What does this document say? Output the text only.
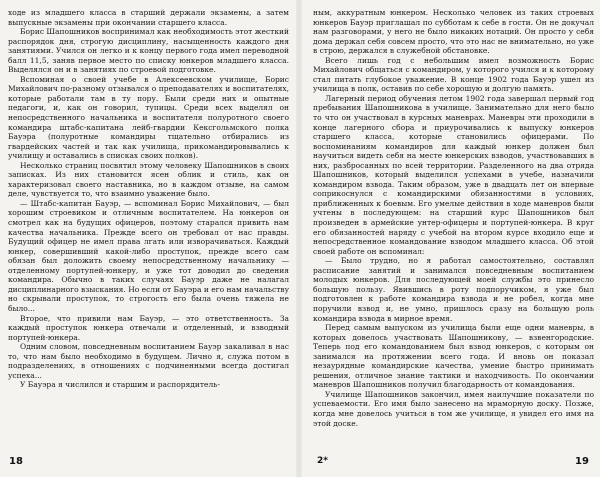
ходе из младшего класса в старший держали экзамены, а затем выпускные экзамены при окончании старшего класса.

Борис Шапошников воспринимал как необходимость этот жесткий распорядок дня, строгую дисциплину, насыщенность каждого дня занятиями. Учился он легко и к концу первого года имел переводной балл 11,5, заняв первое место по списку юнкеров младшего класса. Выделялся он и в занятиях по строевой подготовке.

Вспоминая о своей учебе в Алексеевском училище, Борис Михайлович по-разному отзывался о преподавателях и воспитателях, которые работали там в ту пору. Были среди них и опытные педагоги, и, как он говорил, тупицы. Среди всех выделял он непосредственного начальника и воспитателя полуротного своего командира штабс-капитана лейб-гвардии Кексгольмского полка Бауэра (полуротные командиры тщательно отбирались из гвардейских частей и так как училища, прикомандировывались к училищу и оставались в списках своих полков).

Несколько страниц посвятил этому человеку Шапошников в своих записках. Из них становится ясен облик и стиль, как он характеризовал своего наставника, но в каждом отзыве, на самом деле, чувствуется то, что взаимно уважение было.

— Штабс-капитан Бауэр, — вспоминал Борис Михайлович, — был хорошим строевиком и отличным воспитателем. На юнкеров он смотрел как на будущих офицеров, поэтому старался привить нам качества начальника. Прежде всего он требовал от нас правды. Будущий офицер не имел права лгать или изворачиваться. Каждый юнкер, совершивший какой-либо проступок, прежде всего сам обязан был доложить своему непосредственному начальнику — отделенному портупей-юнкеру, и уже тот доводил до сведения командира. Обычно в таких случаях Бауэр даже не налагал дисциплинарного взыскания. Но если от Бауэра и его нам начальству но скрывали проступок, то строгость его была очень тяжела не было...

Второе, что привили нам Бауэр, — это ответственность. За каждый проступок юнкера отвечали и отделенный, и взводный портупей-юнкера.

Одним словом, повседневным воспитанием Бауэр закаливал в нас то, что нам было необходимо в будущем. Лично я, служа потом в подразделениях, в отношениях с подчиненными всегда достигал успеха...

У Бауэра я числился и старшим и распорядитель-

ным, аккуратным юнкером. Несколько человек из таких строевых юнкеров Бауэр приглашал по субботам к себе в гости. Он не докучал нам разговорами, у него не было никаких нотаций. Он просто у себя дома держал себя совсем просто, что это нас не внимательно, но уже в строю, держался в служебной обстановке.

Всего лишь год с небольшим имел возможность Борис Михайлович общаться с командиром, у которого учился и к которому стал питать глубокое уважение. В конце 1902 года Бауэр ушел из училища в полк, оставив по себе хорошую и долгую память.

Лагерный период обучения летом 1902 года завершал первый год пребывания Шапошникова в училище. Занимательно для него было то что он участвовал в курсных маневрах. Маневры эти проходили в конце лагерного сбора и приурочивались к выпуску юнкеров старшего класса, которые становились офицерами. По воспоминаниям командиров для каждый юнкер должен был научиться видеть себя на месте юнкерских взводов, участвовавших в них, разбросанных по всей территории. Разделенного на два отряда Шапошников, который выделился успехами в учебе, назначили командиром взвода. Таким образом, уже в двадцать лет он впервые соприкоснулся с командирскими обязанностями в условиях, приближенных к боевым. Его умелые действия в ходе маневров были учтены в последующем: на старший курс Шапошников был произведен в армейские унтер-офицеры и портупей-юнкера. В круг его обязанностей наряду с учебой на втором курсе входило еще и непосредственное командование взводом младшего класса. Об этой своей работе он вспоминал:

— Было трудно, но я работал самостоятельно, составлял расписание занятий и занимался повседневным воспитанием молодых юнкеров. Для последующей моей службы это принесло большую пользу. Явившись в роту подпоручиком, я уже был подготовлен к работе командира взвода и не робел, когда мне поручили взвод и, не умно, пришлось сразу на большую роль командира взвода в мирное время.

Перед самым выпуском из училища были еще одни маневры, в которых довелось участвовать Шапошникову, — взвенгородские. Теперь под его командованием был взвод юнкеров, с которым он занимался на протяжении всего года. И вновь он показал незаурядные командирские качества, умение быстро принимать решения, отличное знание тактики и находчивость. По окончании маневров Шапошников получил благодарность от командования.

Училище Шапошников закончил, имея наилучшие показатели по успеваемости. Его имя было занесено на мраморную доску. Позже, когда мне довелось учиться в том же училище, я увидел его имя на этой доске.

18	2*	19
